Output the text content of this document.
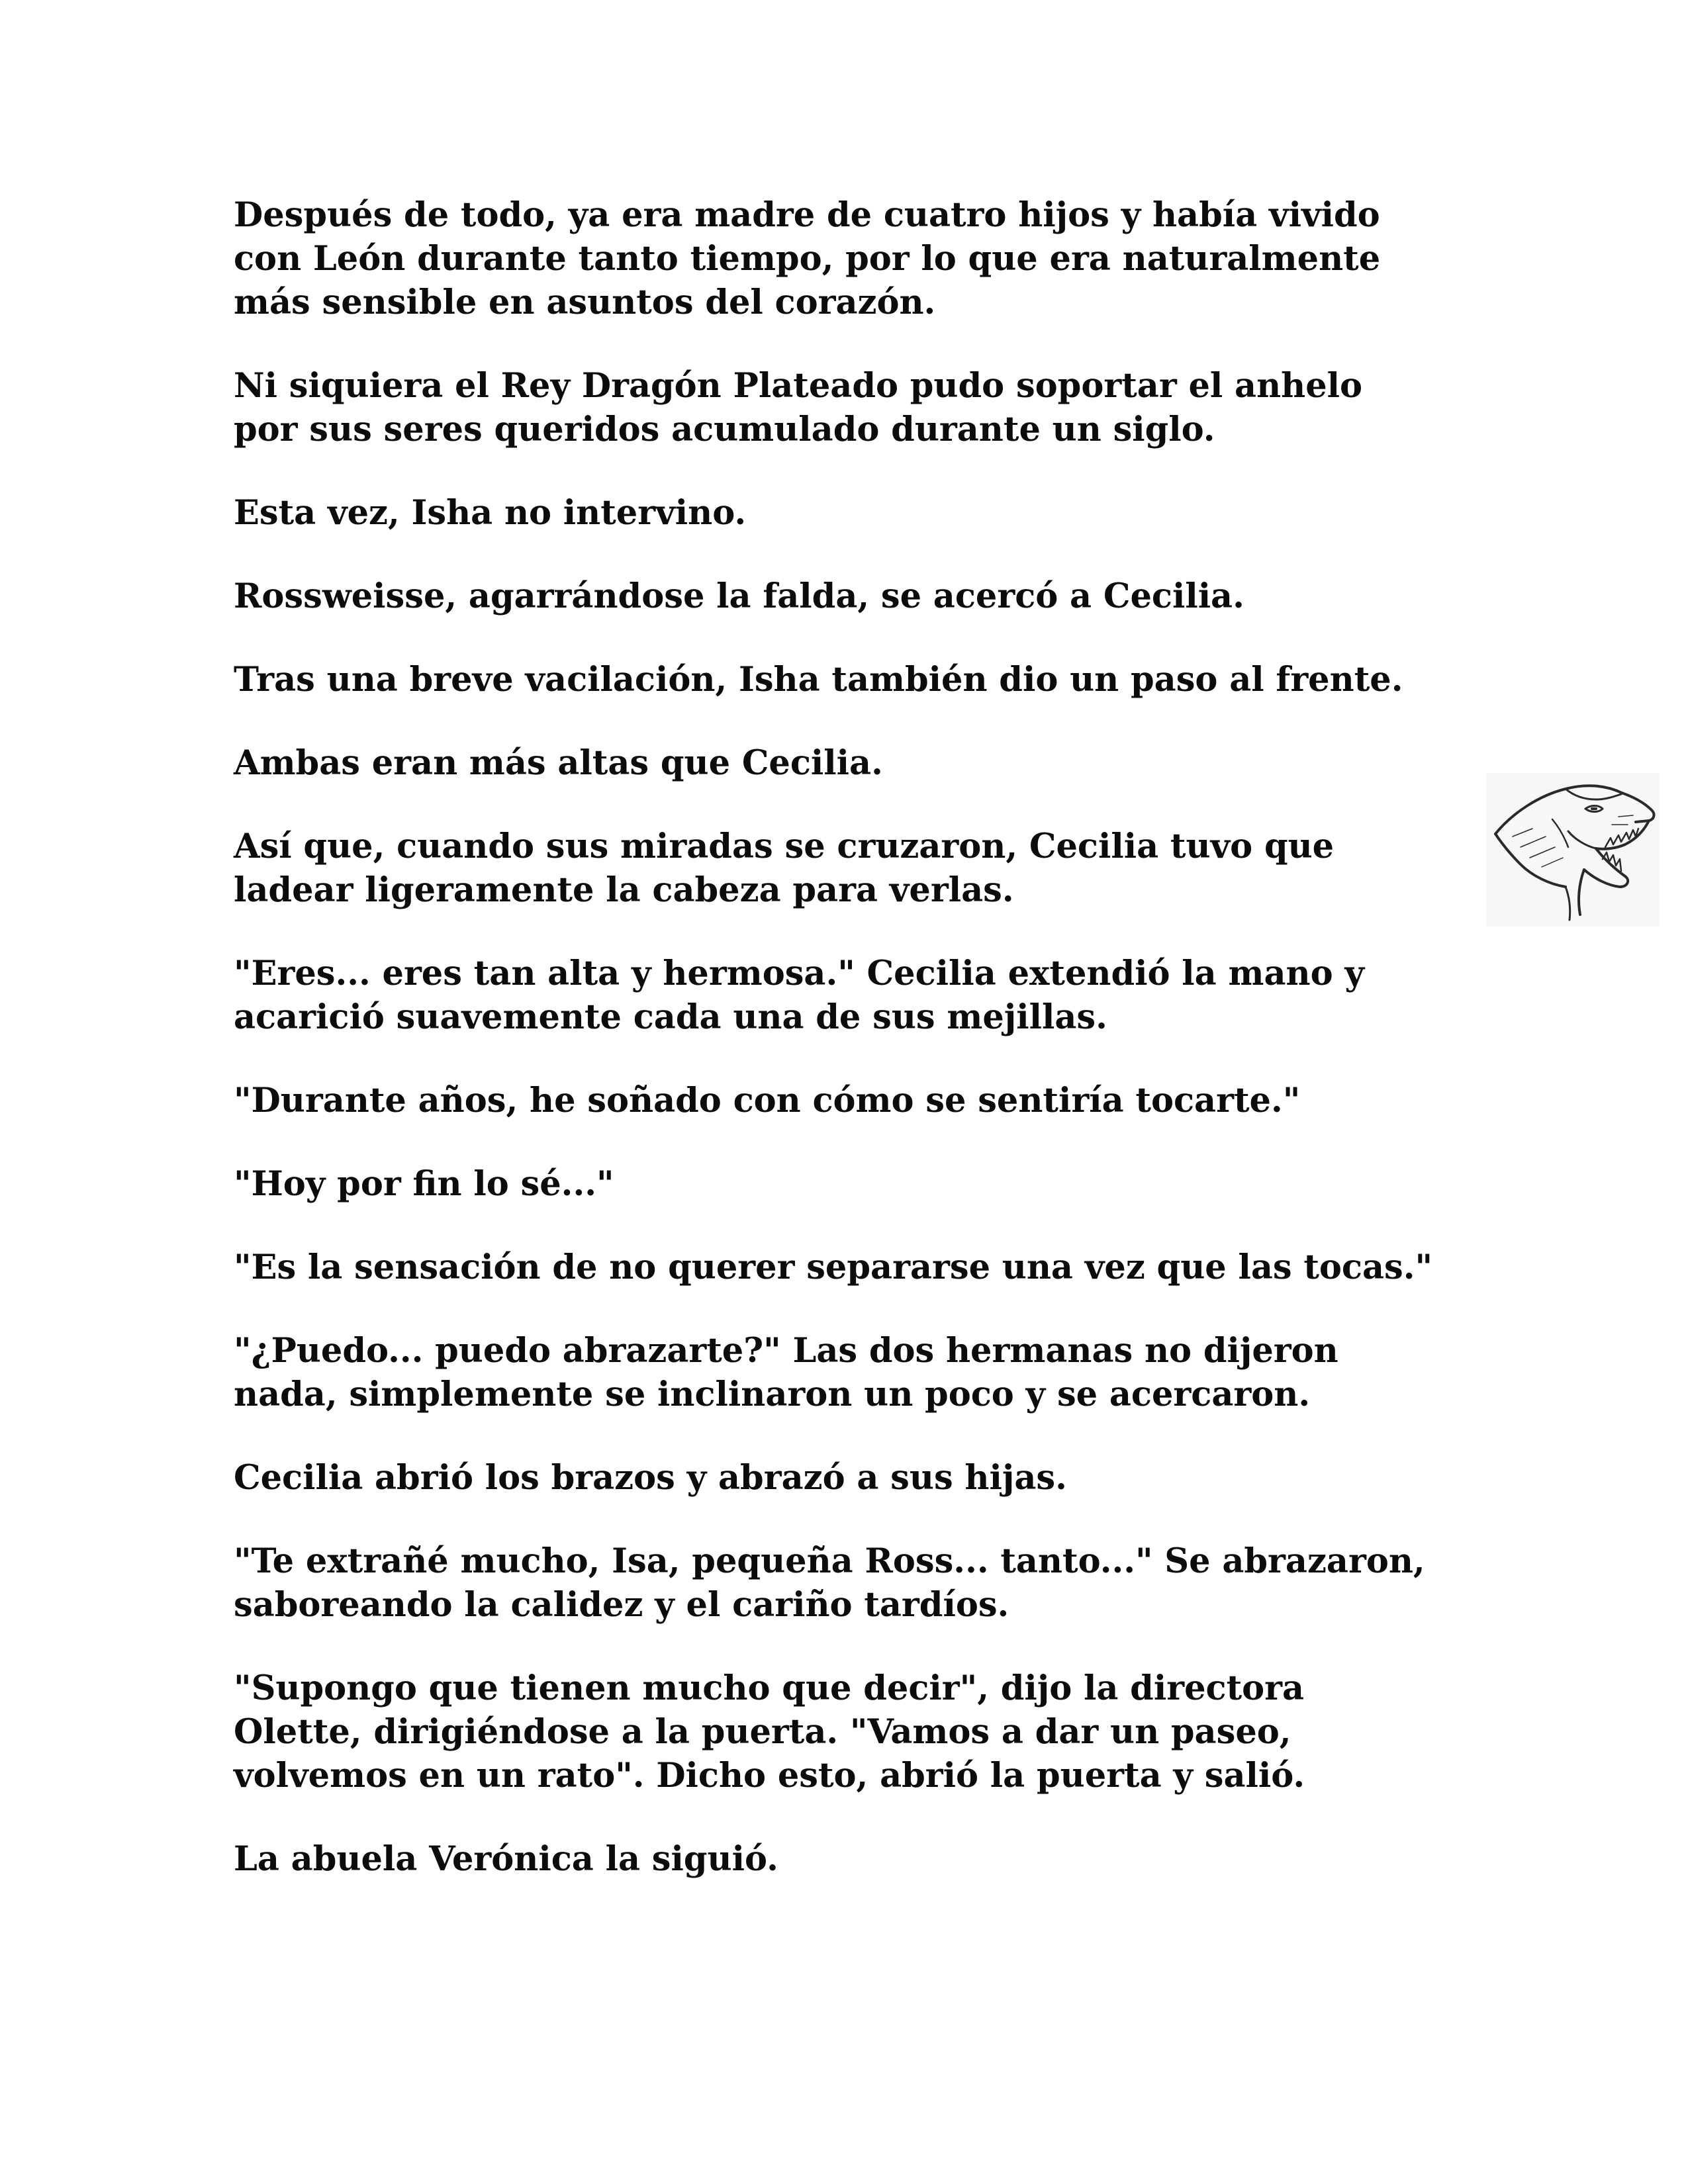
Después de todo, ya era madre de cuatro hijos y había vivido
con León durante tanto tiempo, por lo que era naturalmente
más sensible en asuntos del corazón.

Ni siquiera el Rey Dragón Plateado pudo soportar el anhelo
por sus seres queridos acumulado durante un siglo.

Esta vez, Isha no intervino.

Rossweisse, agarrándose la falda, se acercó a Cecilia.

Tras una breve vacilación, Isha también dio un paso al frente.

Ambas eran más altas que Cecilia.

Así que, cuando sus miradas se cruzaron, Cecilia tuvo que
ladear ligeramente la cabeza para verlas.

"Eres... eres tan alta y hermosa." Cecilia extendió la mano y
acarició suavemente cada una de sus mejillas.

"Durante años, he soñado con cómo se sentiría tocarte."

"Hoy por fin lo sé..."

"Es la sensación de no querer separarse una vez que las tocas."

"¿Puedo... puedo abrazarte?" Las dos hermanas no dijeron
nada, simplemente se inclinaron un poco y se acercaron.

Cecilia abrió los brazos y abrazó a sus hijas.

"Te extrañé mucho, Isa, pequeña Ross... tanto..." Se abrazaron,
saboreando la calidez y el cariño tardíos.

"Supongo que tienen mucho que decir", dijo la directora
Olette, dirigiéndose a la puerta. "Vamos a dar un paseo,
volvemos en un rato". Dicho esto, abrió la puerta y salió.

La abuela Verónica la siguió.
